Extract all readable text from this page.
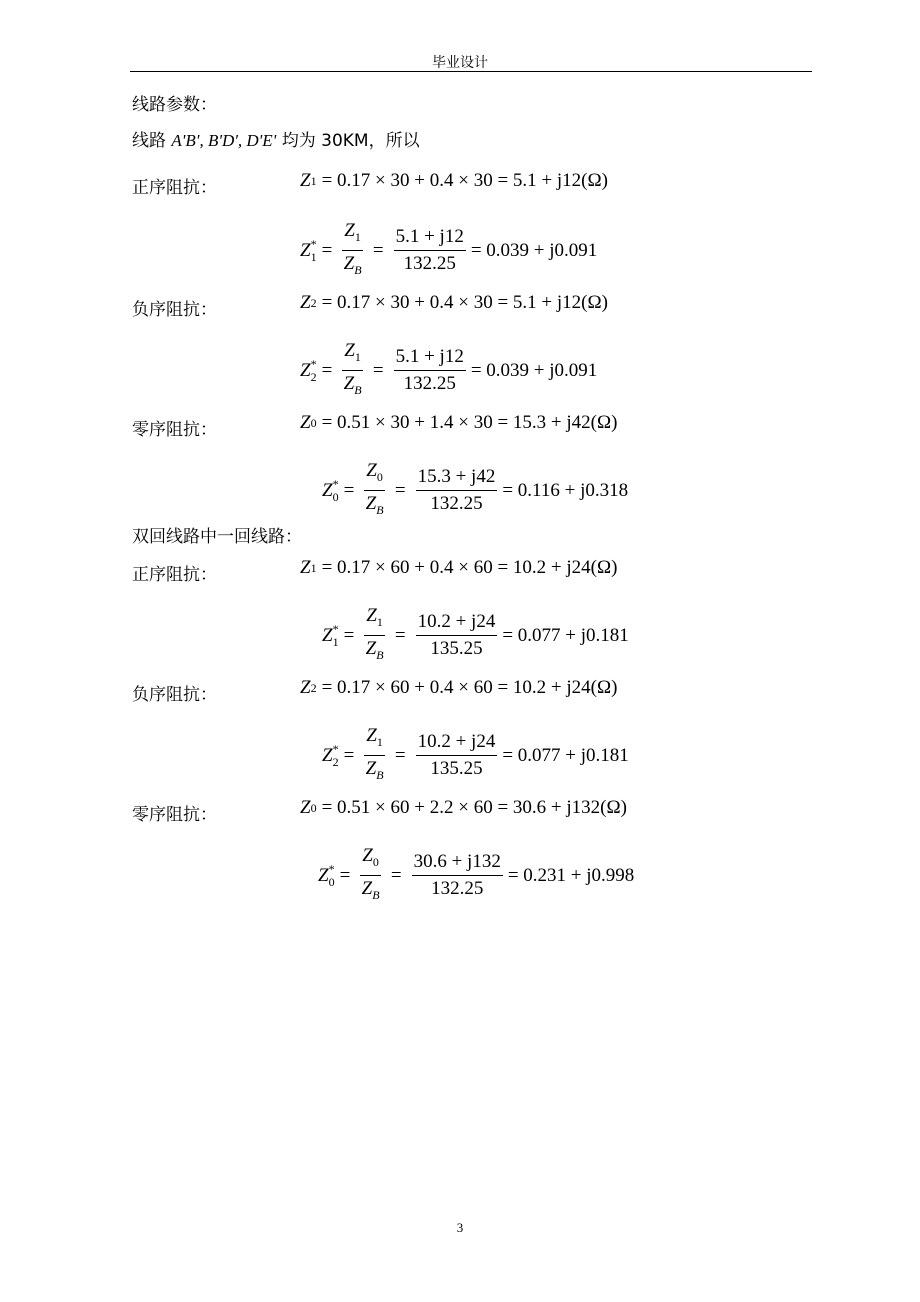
毕业设计
线路参数：
线路 A'B', B'D', D'E' 均为 30KM，所以
正序阻抗：	Z 1 = 0.17 × 30 + 0.4 × 30 = 5.1 + j12(Ω)
$Z^*_1 = \frac{Z_1}{Z_B} = \frac{5.1 + j12}{132.25} = 0.039 + j0.091$
负序阻抗：	Z 2 = 0.17 × 30 + 0.4 × 30 = 5.1 + j12(Ω)
$Z^*_2 = \frac{Z_1}{Z_B} = \frac{5.1 + j12}{132.25} = 0.039 + j0.091$
零序阻抗：	Z 0 = 0.51 × 30 + 1.4 × 30 = 15.3 + j42(Ω)
$Z^*_0 = \frac{Z_0}{Z_B} = \frac{15.3 + j42}{132.25} = 0.116 + j0.318$
双回线路中一回线路：
正序阻抗：	Z 1 = 0.17 × 60 + 0.4 × 60 = 10.2 + j24(Ω)
$Z^*_1 = \frac{Z_1}{Z_B} = \frac{10.2 + j24}{135.25} = 0.077 + j0.181$
负序阻抗：	Z 2 = 0.17 × 60 + 0.4 × 60 = 10.2 + j24(Ω)
$Z^*_2 = \frac{Z_1}{Z_B} = \frac{10.2 + j24}{135.25} = 0.077 + j0.181$
零序阻抗：	Z 0 = 0.51 × 60 + 2.2 × 60 = 30.6 + j132(Ω)
$Z^*_0 = \frac{Z_0}{Z_B} = \frac{30.6 + j132}{132.25} = 0.231 + j0.998$
3
